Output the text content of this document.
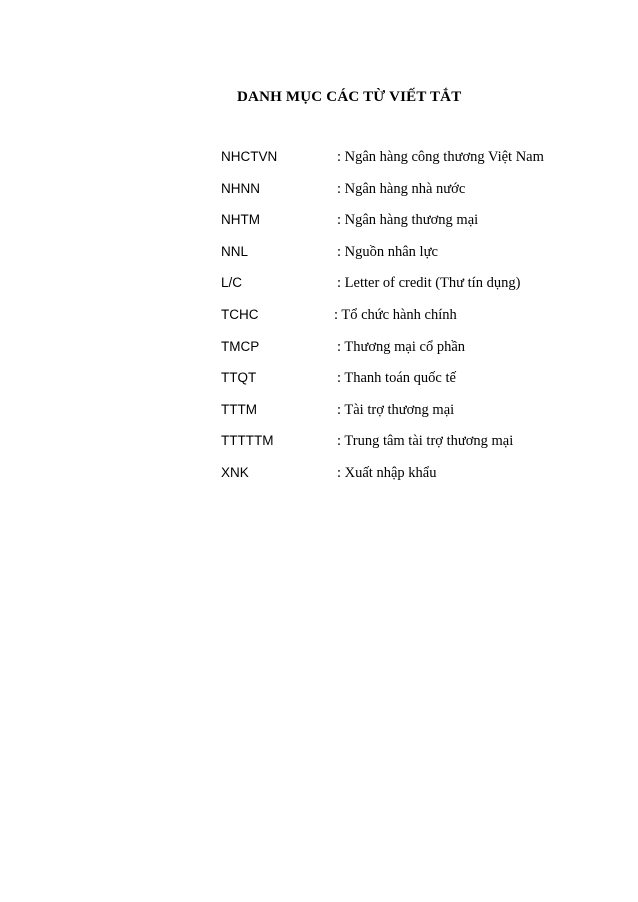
DANH MỤC CÁC TỪ VIẾT TẮT
NHCTVN	: Ngân hàng công thương Việt Nam
NHNN	: Ngân hàng nhà nước
NHTM	: Ngân hàng thương mại
NNL	: Nguồn nhân lực
L/C	: Letter of credit (Thư tín dụng)
TCHC	: Tổ chức hành chính
TMCP	: Thương mại cổ phần
TTQT	: Thanh toán quốc tế
TTTM	: Tài trợ thương mại
TTTTTM	: Trung tâm tài trợ thương mại
XNK	: Xuất nhập khẩu
